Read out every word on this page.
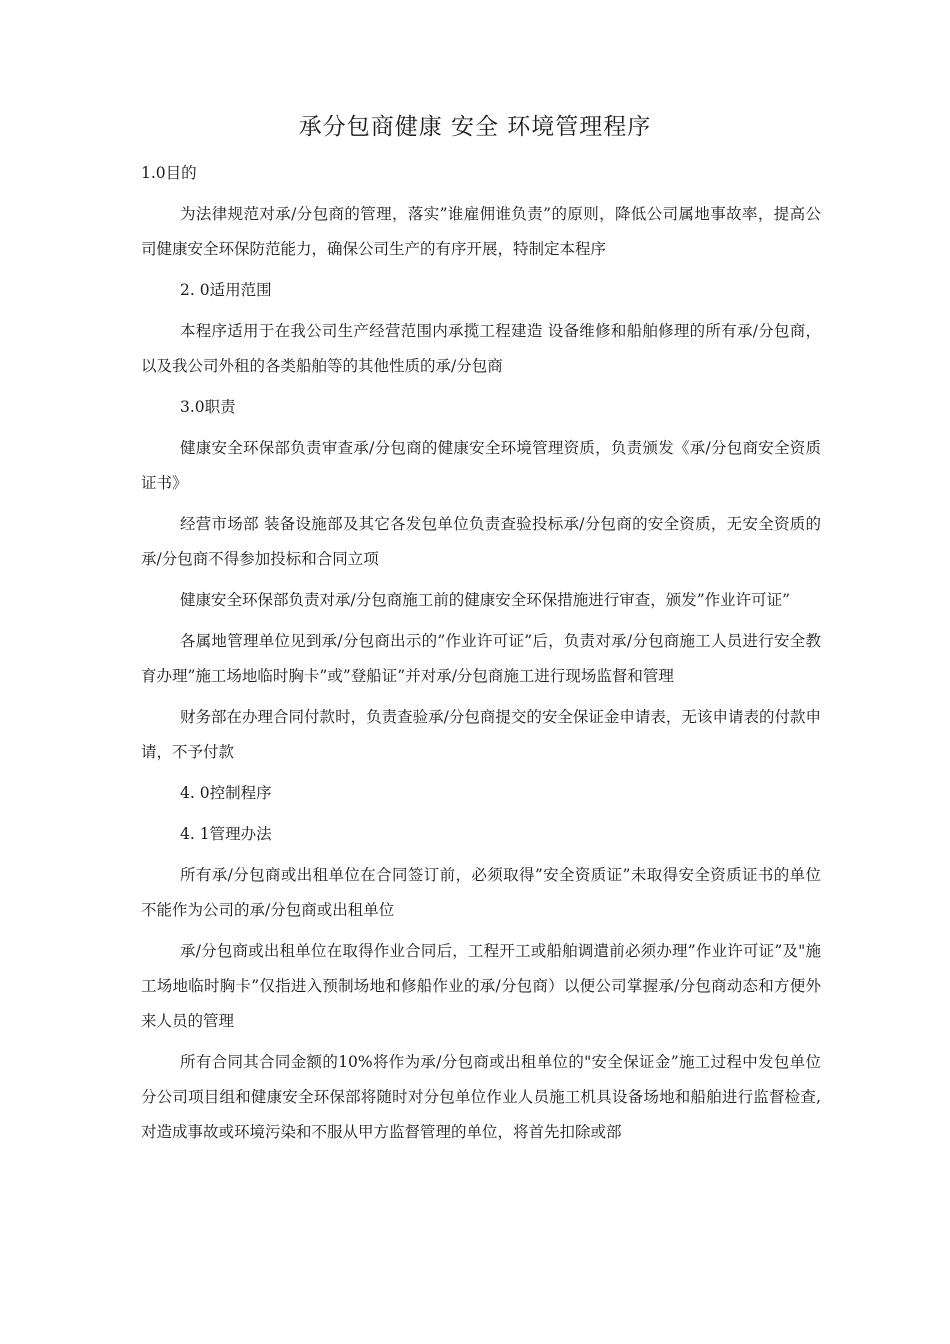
承分包商健康 安全 环境管理程序

1.0目的

为法律规范对承/分包商的管理，落实”谁雇佣谁负责”的原则，降低公司属地事故率，提高公司健康安全环保防范能力，确保公司生产的有序开展，特制定本程序

2. 0适用范围

本程序适用于在我公司生产经营范围内承揽工程建造 设备维修和船舶修理的所有承/分包商，以及我公司外租的各类船舶等的其他性质的承/分包商

3.0职责

健康安全环保部负责审查承/分包商的健康安全环境管理资质，负责颁发《承/分包商安全资质证书》

经营市场部 装备设施部及其它各发包单位负责查验投标承/分包商的安全资质，无安全资质的承/分包商不得参加投标和合同立项

健康安全环保部负责对承/分包商施工前的健康安全环保措施进行审查，颁发”作业许可证”

各属地管理单位见到承/分包商出示的”作业许可证”后，负责对承/分包商施工人员进行安全教育办理”施工场地临时胸卡”或”登船证”并对承/分包商施工进行现场监督和管理

财务部在办理合同付款时，负责查验承/分包商提交的安全保证金申请表，无该申请表的付款申请，不予付款

4. 0控制程序

4. 1管理办法

所有承/分包商或出租单位在合同签订前，必须取得”安全资质证”未取得安全资质证书的单位不能作为公司的承/分包商或出租单位

承/分包商或出租单位在取得作业合同后，工程开工或船舶调遣前必须办理”作业许可证”及"施工场地临时胸卡”仅指进入预制场地和修船作业的承/分包商）以便公司掌握承/分包商动态和方便外来人员的管理

所有合同其合同金额的10%将作为承/分包商或出租单位的"安全保证金”施工过程中发包单位分公司项目组和健康安全环保部将随时对分包单位作业人员施工机具设备场地和船舶进行监督检查,对造成事故或环境污染和不服从甲方监督管理的单位，将首先扣除或部
